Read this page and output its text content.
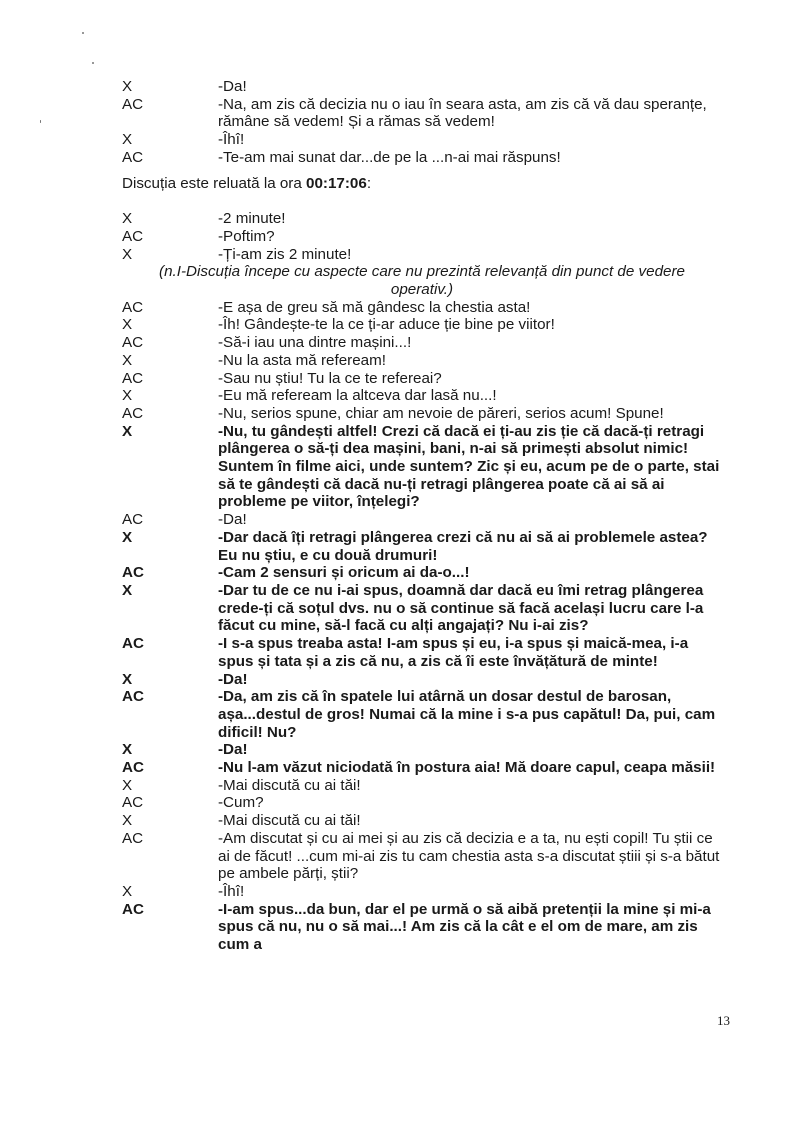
X	-Da!
AC	-Na, am zis că decizia nu o iau în seara asta, am zis că vă dau speranțe, rămâne să vedem! Și a rămas să vedem!
X	-Îhî!
AC	-Te-am mai sunat dar...de pe la ...n-ai mai răspuns!

Discuția este reluată la ora 00:17:06:

X	-2 minute!
AC	-Poftim?
X	-Ți-am zis 2 minute!
(n.I-Discuția începe cu aspecte care nu prezintă relevanță din punct de vedere operativ.)
AC	-E așa de greu să mă gândesc la chestia asta!
X	-Îh! Gândește-te la ce ți-ar aduce ție bine pe viitor!
AC	-Să-i iau una dintre mașini...!
X	-Nu la asta mă refeream!
AC	-Sau nu știu! Tu la ce te refereai?
X	-Eu mă refeream la altceva dar lasă nu...!
AC	-Nu, serios spune, chiar am nevoie de păreri, serios acum! Spune!
X	-Nu, tu gândești altfel! Crezi că dacă ei ți-au zis ție că dacă-ți retragi plângerea o să-ți dea mașini, bani, n-ai să primești absolut nimic! Suntem în filme aici, unde suntem? Zic și eu, acum pe de o parte, stai să te gândești că dacă nu-ți retragi plângerea poate că ai să ai probleme pe viitor, înțelegi?
AC	-Da!
X	-Dar dacă îți retragi plângerea crezi că nu ai să ai problemele astea? Eu nu știu, e cu două drumuri!
AC	-Cam 2 sensuri și oricum ai da-o...!
X	-Dar tu de ce nu i-ai spus, doamnă dar dacă eu îmi retrag plângerea crede-ți că soțul dvs. nu o să continue să facă același lucru care l-a făcut cu mine, să-l facă cu alți angajați? Nu i-ai zis?
AC	-I s-a spus treaba asta! I-am spus și eu, i-a spus și maică-mea, i-a spus și tata și a zis că nu, a zis că îi este învățătură de minte!
X	-Da!
AC	-Da, am zis că în spatele lui atârnă un dosar destul de barosan, așa...destul de gros! Numai că la mine i s-a pus capătul! Da, pui, cam dificil! Nu?
X	-Da!
AC	-Nu l-am văzut niciodată în postura aia! Mă doare capul, ceapa măsii!
X	-Mai discută cu ai tăi!
AC	-Cum?
X	-Mai discută cu ai tăi!
AC	-Am discutat și cu ai mei și au zis că decizia e a ta, nu ești copil! Tu știi ce ai de făcut! ...cum mi-ai zis tu cam chestia asta s-a discutat știii și s-a bătut pe ambele părți, știi?
X	-Îhî!
AC	-I-am spus...da bun, dar el pe urmă o să aibă pretenții la mine și mi-a spus că nu, nu o să mai...! Am zis că la cât e el om de mare, am zis cum a
13
